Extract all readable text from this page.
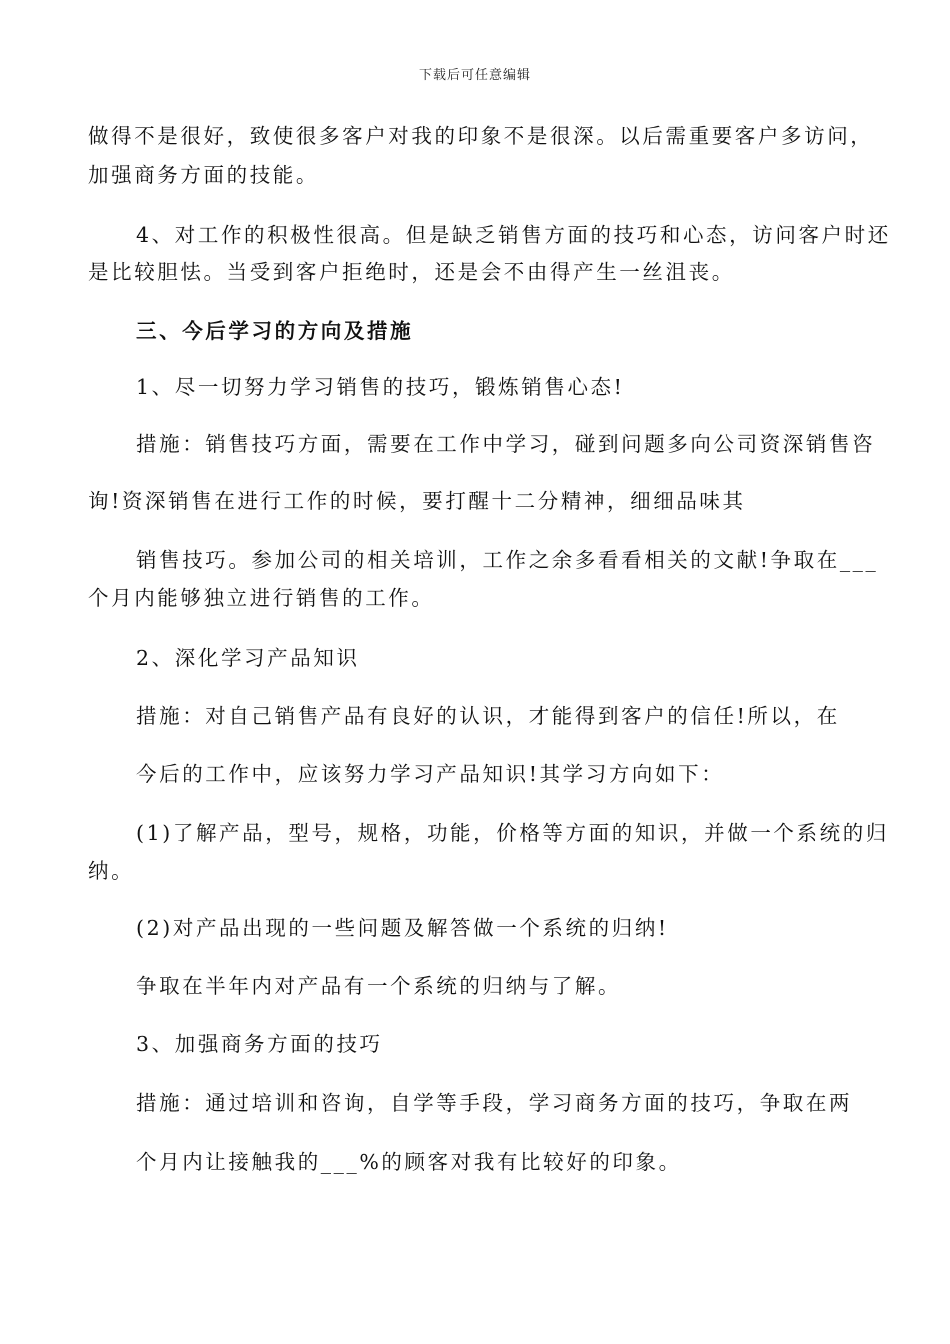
下载后可任意编辑
做得不是很好，致使很多客户对我的印象不是很深。以后需重要客户多访问，
加强商务方面的技能。
4、对工作的积极性很高。但是缺乏销售方面的技巧和心态，访问客户时还
是比较胆怯。当受到客户拒绝时，还是会不由得产生一丝沮丧。
三、今后学习的方向及措施
1、尽一切努力学习销售的技巧，锻炼销售心态!
措施：销售技巧方面，需要在工作中学习，碰到问题多向公司资深销售咨
询!资深销售在进行工作的时候，要打醒十二分精神，细细品味其
销售技巧。参加公司的相关培训，工作之余多看看相关的文献!争取在___
个月内能够独立进行销售的工作。
2、深化学习产品知识
措施：对自己销售产品有良好的认识，才能得到客户的信任!所以，在
今后的工作中，应该努力学习产品知识!其学习方向如下：
(1)了解产品，型号，规格，功能，价格等方面的知识，并做一个系统的归
纳。
(2)对产品出现的一些问题及解答做一个系统的归纳!
争取在半年内对产品有一个系统的归纳与了解。
3、加强商务方面的技巧
措施：通过培训和咨询，自学等手段，学习商务方面的技巧，争取在两
个月内让接触我的___%的顾客对我有比较好的印象。
